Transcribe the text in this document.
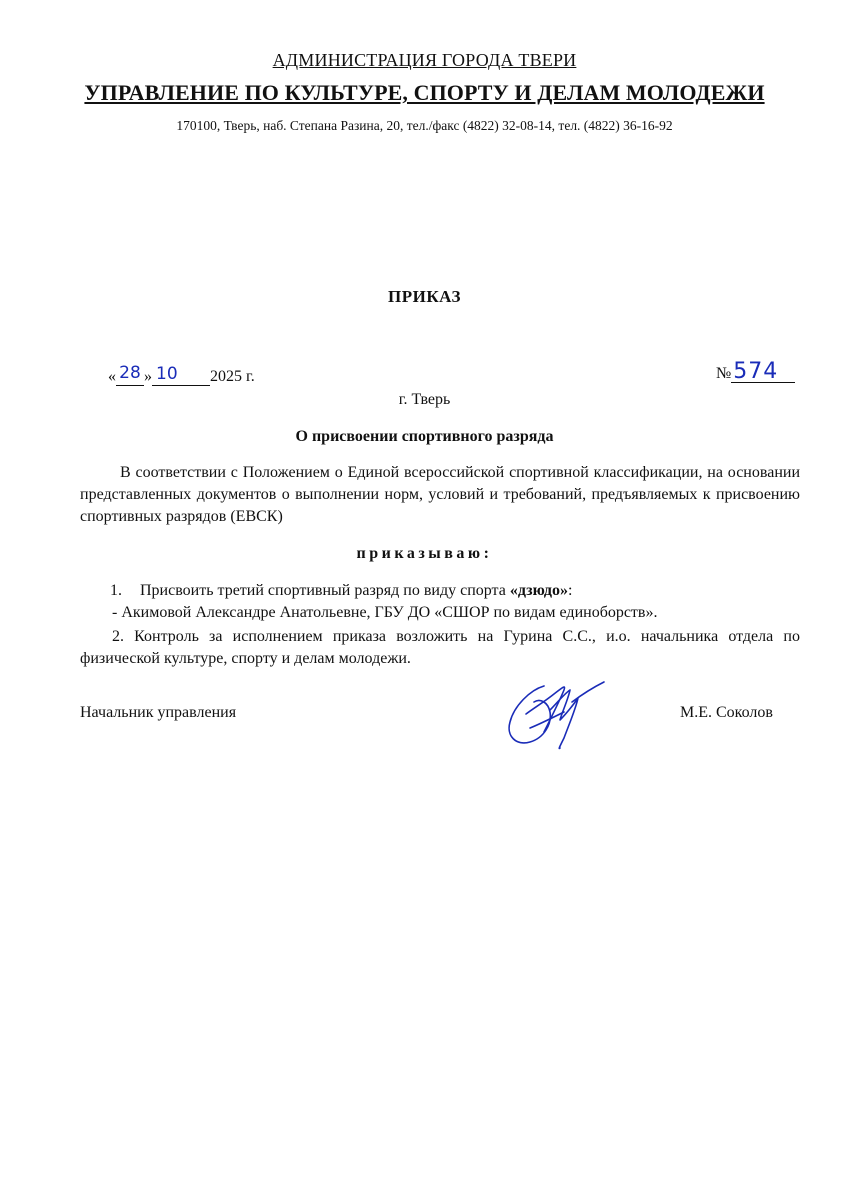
АДМИНИСТРАЦИЯ ГОРОДА ТВЕРИ
УПРАВЛЕНИЕ ПО КУЛЬТУРЕ, СПОРТУ И ДЕЛАМ МОЛОДЕЖИ
170100, Тверь, наб. Степана Разина, 20, тел./факс (4822) 32-08-14, тел. (4822) 36-16-92
ПРИКАЗ
« 28 » 10 2025 г.	№574
г. Тверь
О присвоении спортивного разряда
В соответствии с Положением о Единой всероссийской спортивной классификации, на основании представленных документов о выполнении норм, условий и требований, предъявляемых к присвоению спортивных разрядов (ЕВСК)
приказываю:
1. Присвоить третий спортивный разряд по виду спорта «дзюдо»:
- Акимовой Александре Анатольевне, ГБУ ДО «СШОР по видам единоборств».
2. Контроль за исполнением приказа возложить на Гурина С.С., и.о. начальника отдела по физической культуре, спорту и делам молодежи.
Начальник управления	М.Е. Соколов
